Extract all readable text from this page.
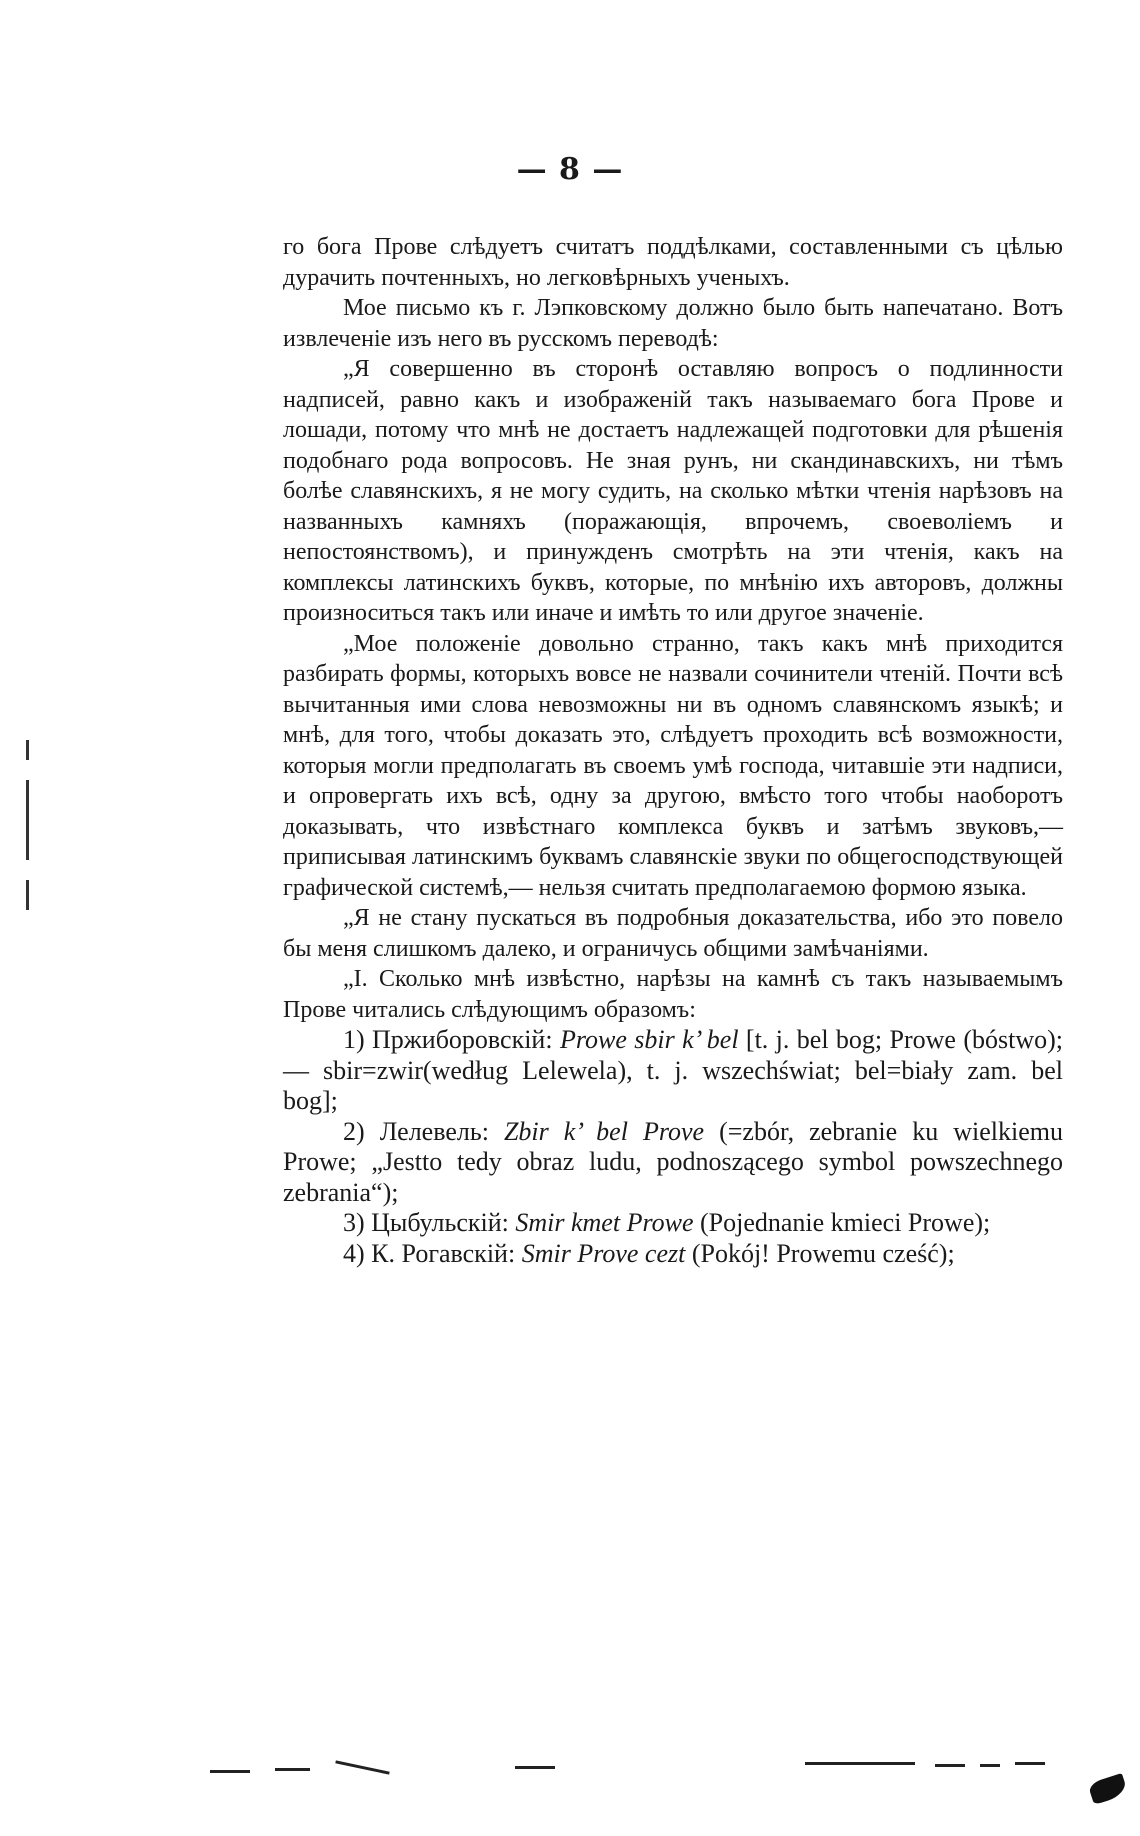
— 8 —

го бога Прове слѣдуетъ считатъ поддѣлками, составленными съ цѣлью дурачить почтенныхъ, но легковѣрныхъ ученыхъ.

Мое письмо къ г. Лэпковскому должно было быть напечатано. Вотъ извлеченіе изъ него въ русскомъ переводѣ:

„Я совершенно въ сторонѣ оставляю вопросъ о подлинности надписей, равно какъ и изображеній такъ называемаго бога Прове и лошади, потому что мнѣ не достаетъ надлежащей подготовки для рѣшенія подобнаго рода вопросовъ. Не зная рунъ, ни скандинавскихъ, ни тѣмъ болѣе славянскихъ, я не могу судить, на сколько мѣтки чтенія нарѣзовъ на названныхъ камняхъ (поражающія, впрочемъ, своеволіемъ и непостоянствомъ), и принужденъ смотрѣть на эти чтенія, какъ на комплексы латинскихъ буквъ, которые, по мнѣнію ихъ авторовъ, должны произноситься такъ или иначе и имѣть то или другое значеніе.

„Мое положеніе довольно странно, такъ какъ мнѣ приходится разбирать формы, которыхъ вовсе не назвали сочинители чтеній. Почти всѣ вычитанныя ими слова невозможны ни въ одномъ славянскомъ языкѣ; и мнѣ, для того, чтобы доказать это, слѣдуетъ проходить всѣ возможности, которыя могли предполагать въ своемъ умѣ господа, читавшіе эти надписи, и опровергать ихъ всѣ, одну за другою, вмѣсто того чтобы наоборотъ доказывать, что извѣстнаго комплекса буквъ и затѣмъ звуковъ,— приписывая латинскимъ буквамъ славянскіе звуки по общегосподствующей графической системѣ,— нельзя считать предполагаемою формою языка.

„Я не стану пускаться въ подробныя доказательства, ибо это повело бы меня слишкомъ далеко, и ограничусь общими замѣчаніями.

„I. Сколько мнѣ извѣстно, нарѣзы на камнѣ съ такъ называемымъ Прове читались слѣдующимъ образомъ:

1) Пржиборовскій: Prowe sbir k’ bel [t. j. bel bog; Prowe (bóstwo);— sbir=zwir(według Lelewela), t. j. wszechświat; bel=biały zam. bel bog];

2) Лелевель: Zbir k’ bel Prove (=zbór, zebranie ku wielkiemu Prowe; „Jestto tedy obraz ludu, podnoszącego symbol powszechnego zebrania“);

3) Цыбульскій: Smir kmet Prowe (Pojednanie kmieci Prowe);

4) К. Рогавскій: Smir Prove cezt (Pokój! Prowemu cześć);
